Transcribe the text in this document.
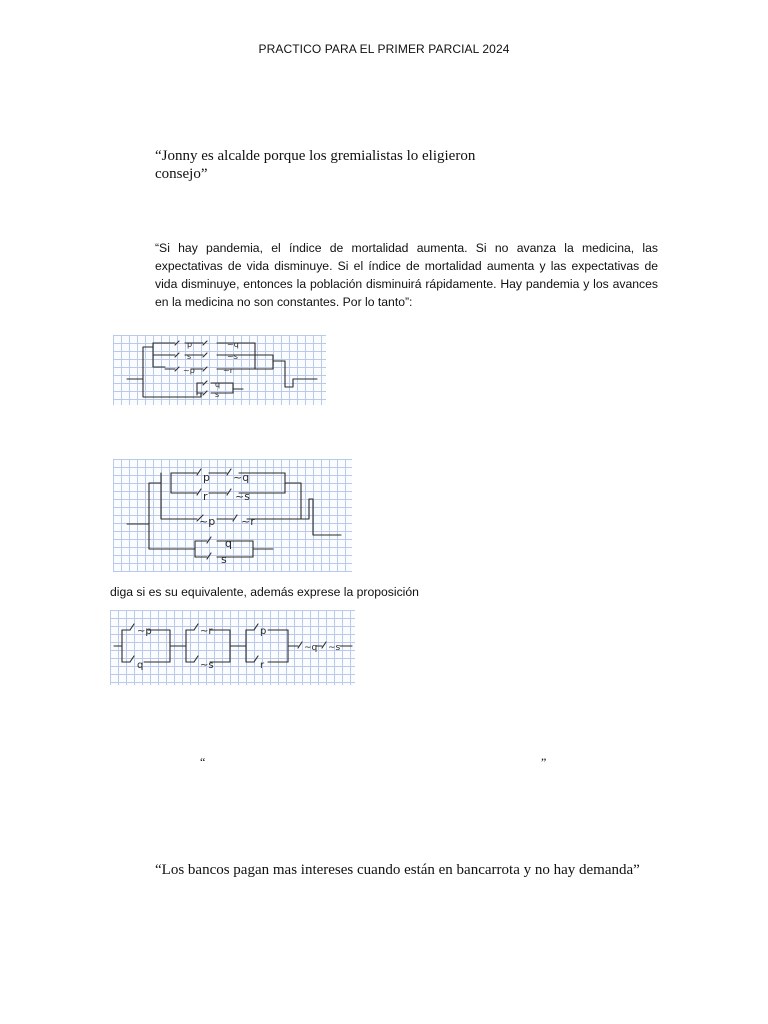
PRACTICO PARA EL PRIMER PARCIAL 2024
“Jonny es alcalde porque los gremialistas lo eligieron
consejo”
“Si hay pandemia, el índice de mortalidad aumenta. Si no avanza la medicina, las expectativas de vida disminuye. Si el índice de mortalidad aumenta y las expectativas de vida disminuye, entonces la población disminuirá rápidamente. Hay pandemia y los avances en la medicina no son constantes. Por lo tanto”:
p	~q
s	~s
~p	~r
q
s
p ~q
r ~s
~p ~r
q
s
diga si es su equivalente, además exprese la proposición
~p
q
~r
~s
p
r
~q ~s
“	”
“Los bancos pagan mas intereses cuando están en bancarrota y no hay demanda”
